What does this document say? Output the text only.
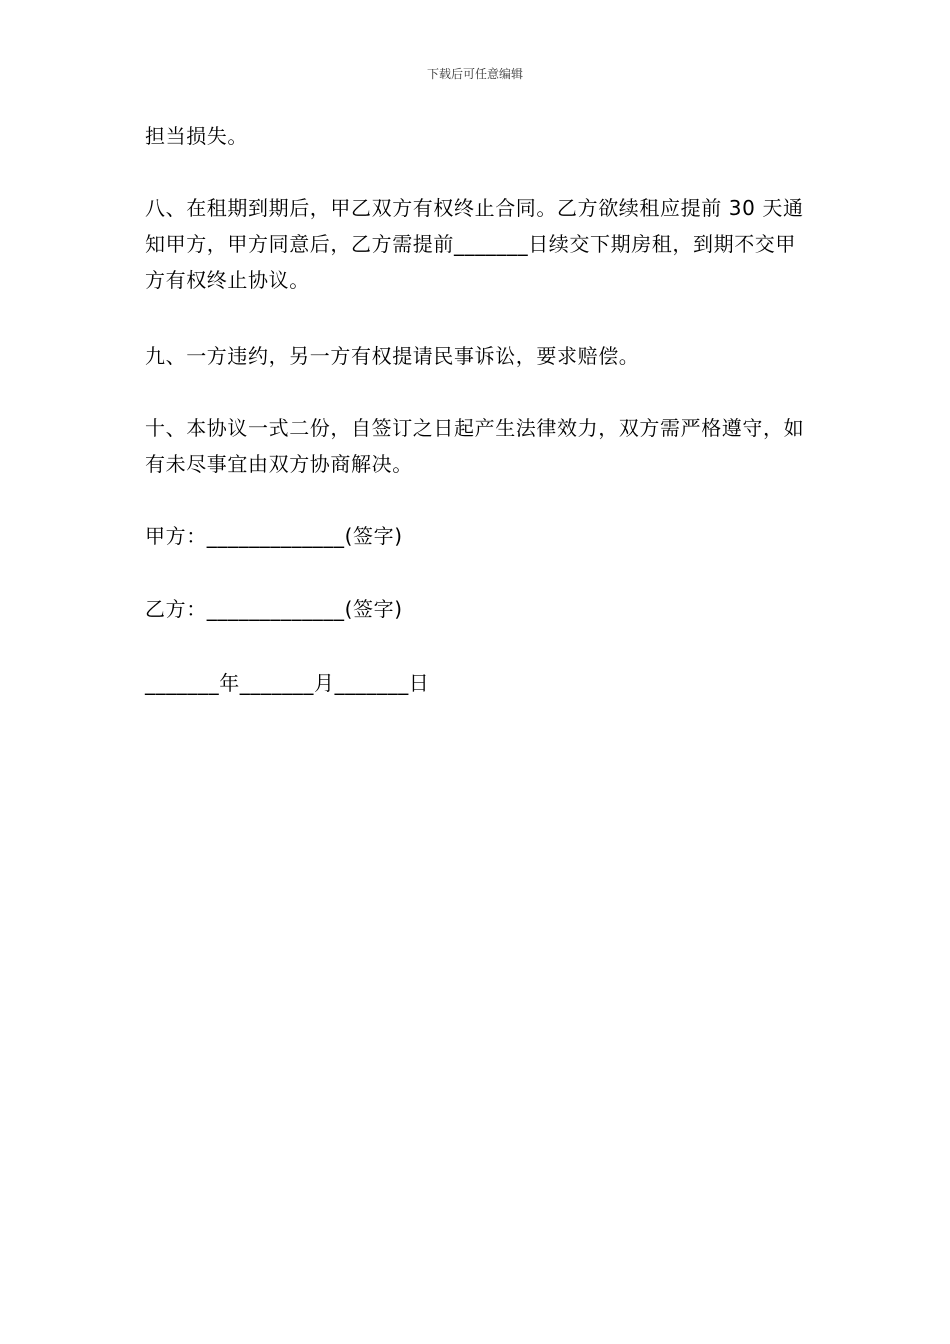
下载后可任意编辑
担当损失。
八、在租期到期后，甲乙双方有权终止合同。乙方欲续租应提前 30 天通知甲方，甲方同意后，乙方需提前_______日续交下期房租，到期不交甲方有权终止协议。
九、一方违约，另一方有权提请民事诉讼，要求赔偿。
十、本协议一式二份，自签订之日起产生法律效力，双方需严格遵守，如有未尽事宜由双方协商解决。
甲方：_____________(签字)
乙方：_____________(签字)
_______年_______月_______日
